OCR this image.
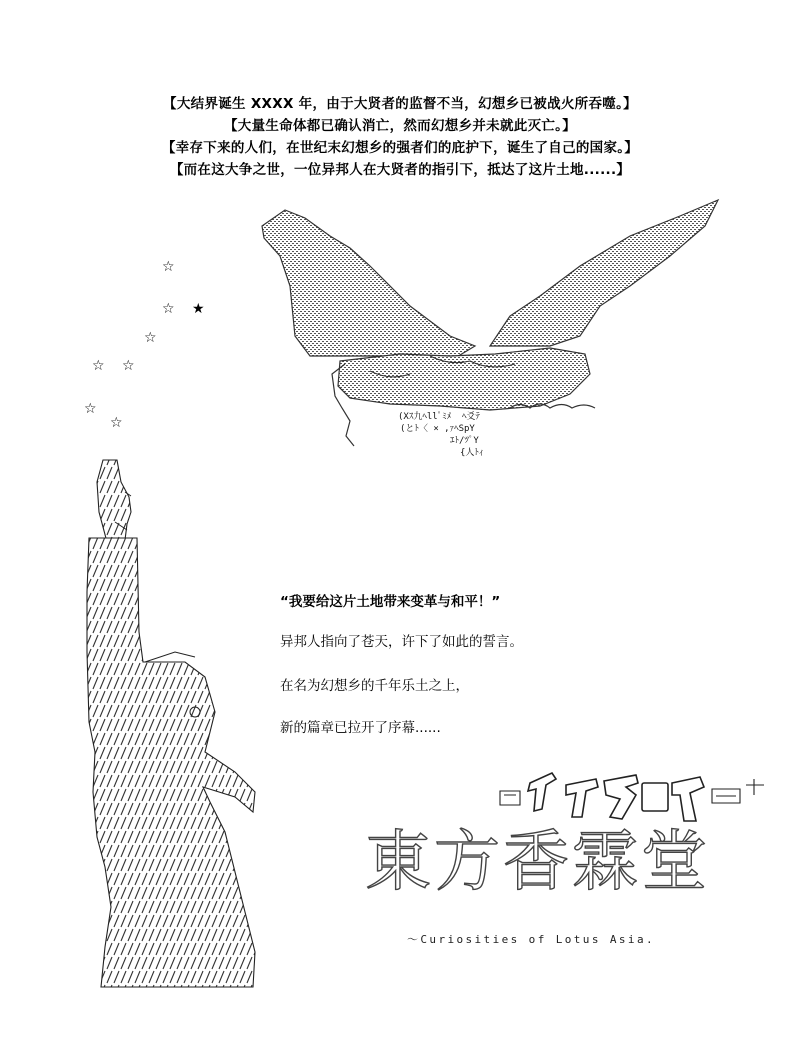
【大结界诞生 XXXX 年，由于大贤者的监督不当，幻想乡已被战火所吞噬。】
【大量生命体都已确认消亡，然而幻想乡并未就此灭亡。】
【幸存下来的人们，在世纪末幻想乡的强者们的庇护下，诞生了自己的国家。】
【而在这大争之世，一位异邦人在大贤者的指引下，抵达了这片土地......】
☆
☆ ★
☆
☆ ☆
☆
☆	(Xｽ九ﾍllﾟﾐﾒ  ﾍ爻ﾃ
(とﾄ〈 × ,ｧﾍSpY
ｴﾄ/ﾂﾟY
{人ﾄｨ

“我要给这片土地带来变革与和平！”

异邦人指向了苍天，许下了如此的誓言。

在名为幻想乡的千年乐土之上，

新的篇章已拉开了序幕......

東方香霖堂
～Curiosities of Lotus Asia.
